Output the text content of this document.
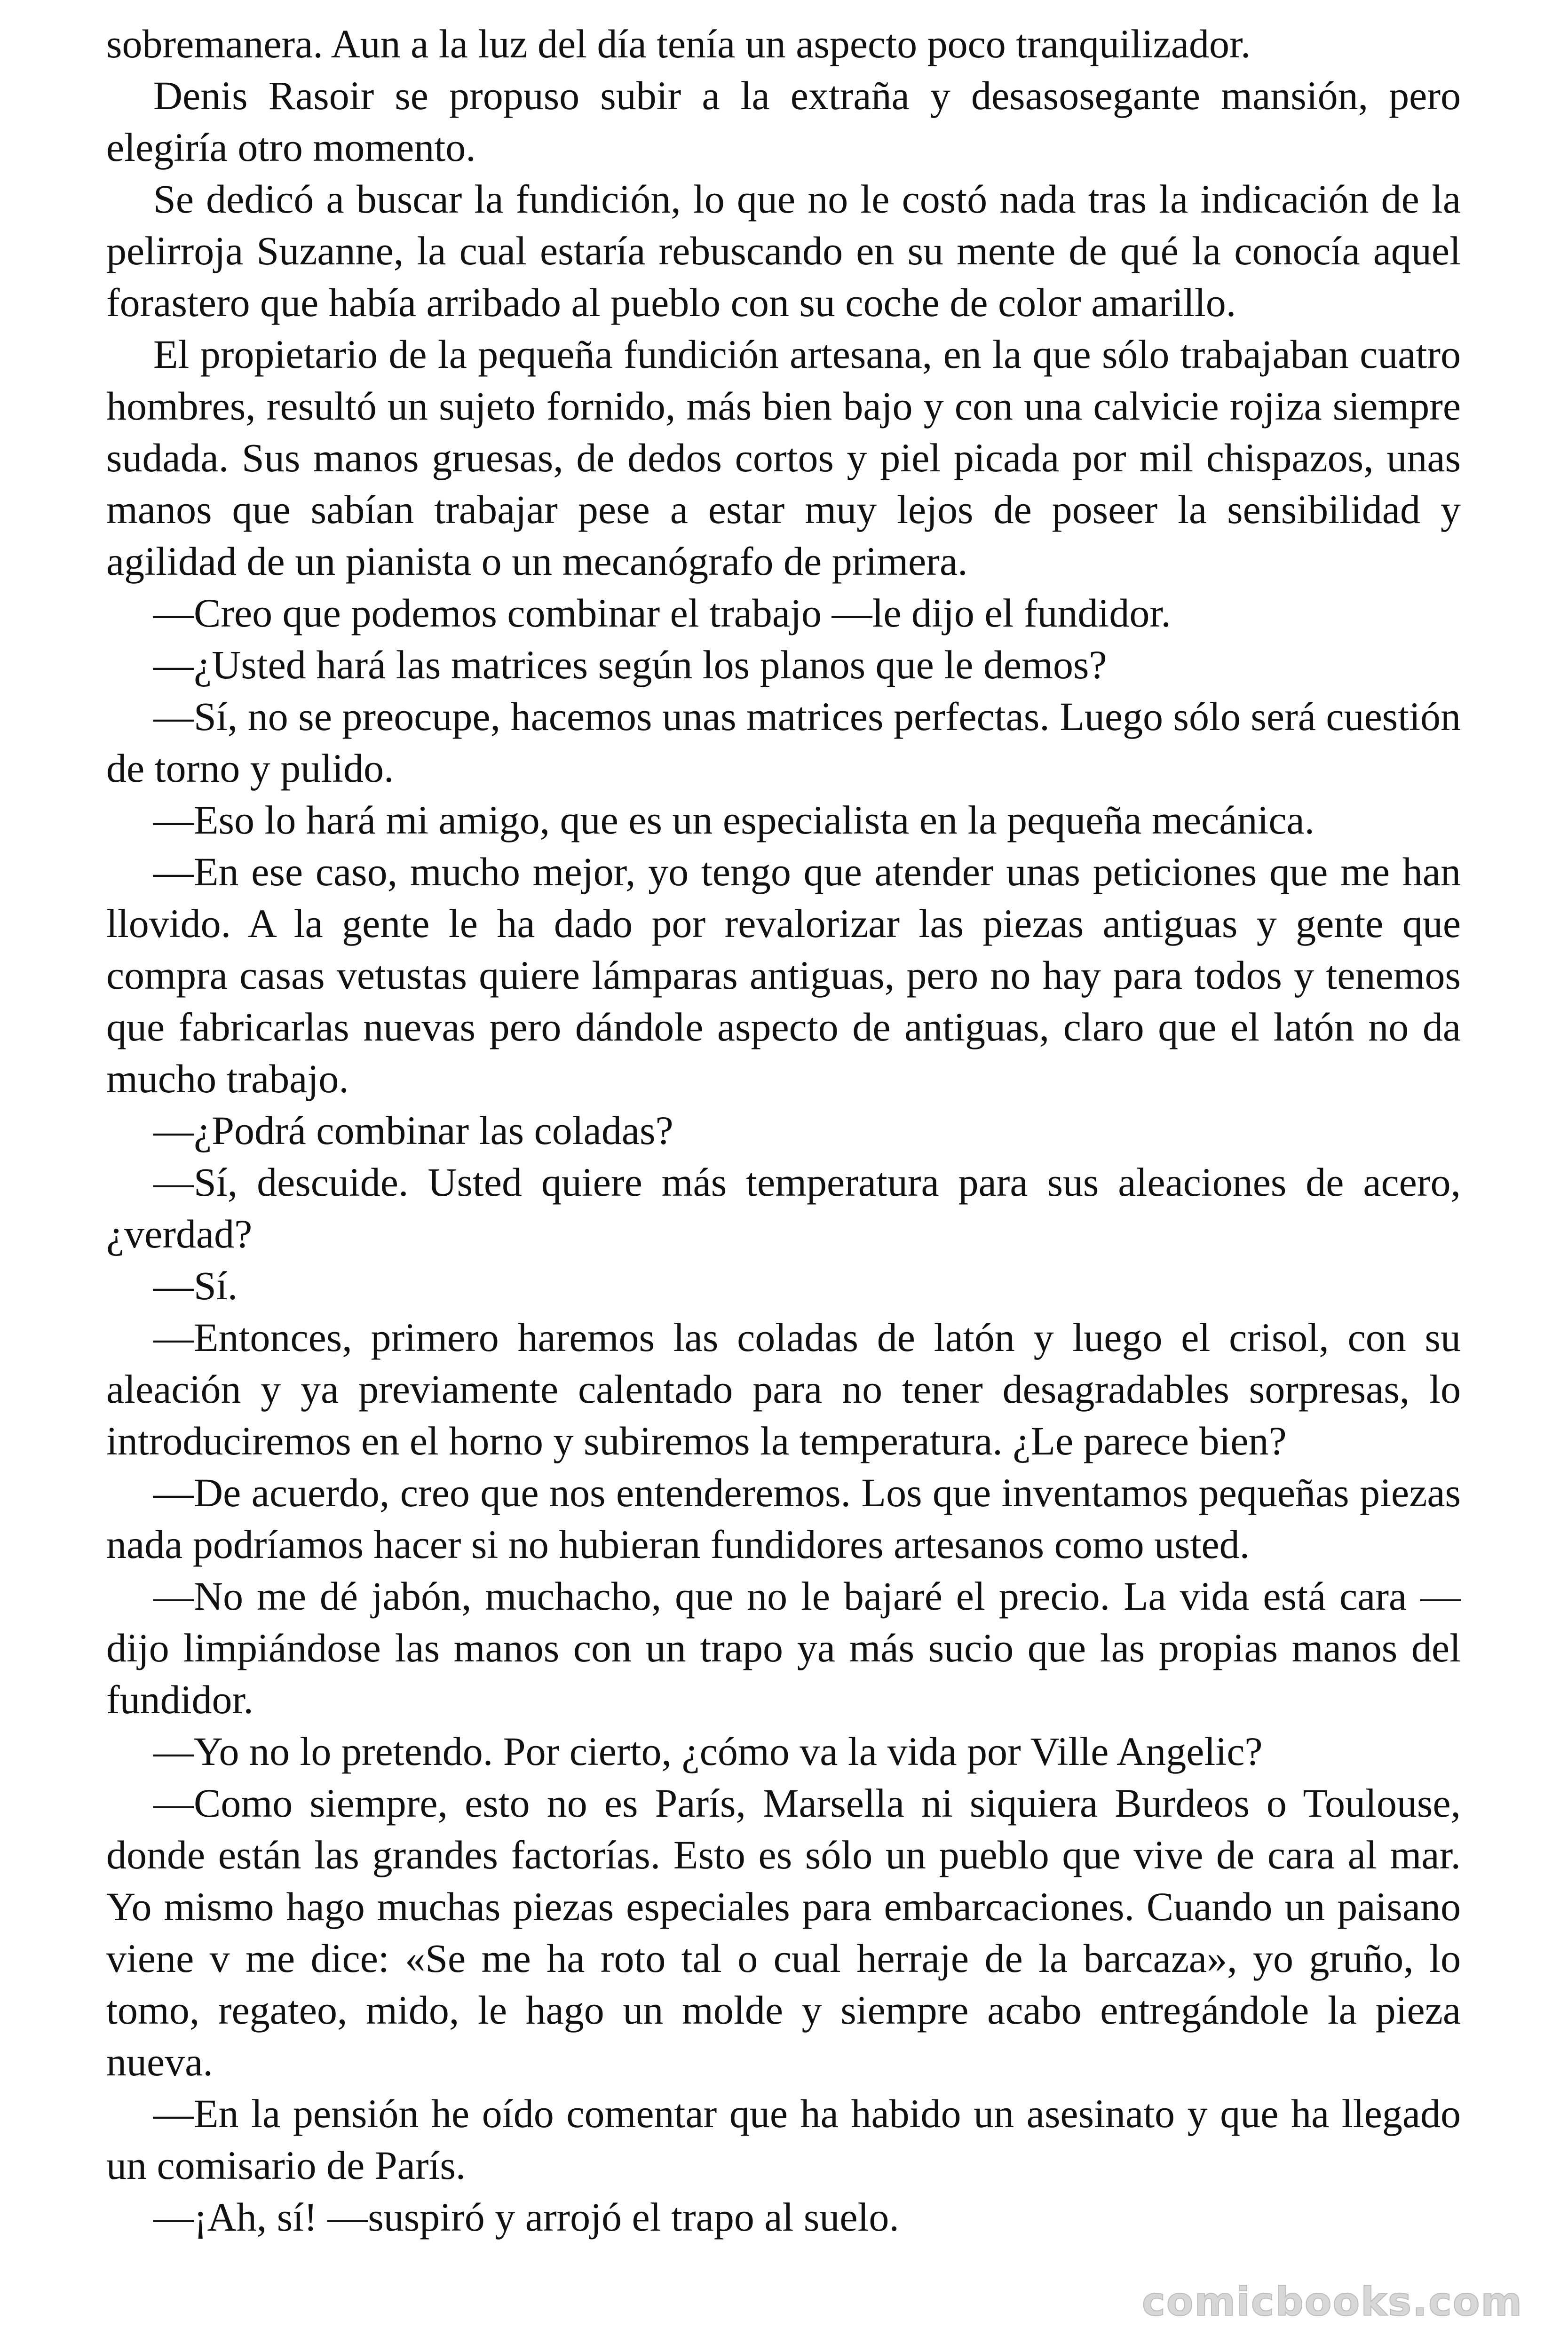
sobremanera. Aun a la luz del día tenía un aspecto poco tranquilizador.

Denis Rasoir se propuso subir a la extraña y desasosegante mansión, pero elegiría otro momento.

Se dedicó a buscar la fundición, lo que no le costó nada tras la indicación de la pelirroja Suzanne, la cual estaría rebuscando en su mente de qué la conocía aquel forastero que había arribado al pueblo con su coche de color amarillo.

El propietario de la pequeña fundición artesana, en la que sólo trabajaban cuatro hombres, resultó un sujeto fornido, más bien bajo y con una calvicie rojiza siempre sudada. Sus manos gruesas, de dedos cortos y piel picada por mil chispazos, unas manos que sabían trabajar pese a estar muy lejos de poseer la sensibilidad y agilidad de un pianista o un mecanógrafo de primera.

—Creo que podemos combinar el trabajo —le dijo el fundidor.

—¿Usted hará las matrices según los planos que le demos?

—Sí, no se preocupe, hacemos unas matrices perfectas. Luego sólo será cuestión de torno y pulido.

—Eso lo hará mi amigo, que es un especialista en la pequeña mecánica.

—En ese caso, mucho mejor, yo tengo que atender unas peticiones que me han llovido. A la gente le ha dado por revalorizar las piezas antiguas y gente que compra casas vetustas quiere lámparas antiguas, pero no hay para todos y tenemos que fabricarlas nuevas pero dándole aspecto de antiguas, claro que el latón no da mucho trabajo.

—¿Podrá combinar las coladas?

—Sí, descuide. Usted quiere más temperatura para sus aleaciones de acero, ¿verdad?

—Sí.

—Entonces, primero haremos las coladas de latón y luego el crisol, con su aleación y ya previamente calentado para no tener desagradables sorpresas, lo introduciremos en el horno y subiremos la temperatura. ¿Le parece bien?

—De acuerdo, creo que nos entenderemos. Los que inventamos pequeñas piezas nada podríamos hacer si no hubieran fundidores artesanos como usted.

—No me dé jabón, muchacho, que no le bajaré el precio. La vida está cara —dijo limpiándose las manos con un trapo ya más sucio que las propias manos del fundidor.

—Yo no lo pretendo. Por cierto, ¿cómo va la vida por Ville Angelic?

—Como siempre, esto no es París, Marsella ni siquiera Burdeos o Toulouse, donde están las grandes factorías. Esto es sólo un pueblo que vive de cara al mar. Yo mismo hago muchas piezas especiales para embarcaciones. Cuando un paisano viene v me dice: «Se me ha roto tal o cual herraje de la barcaza», yo gruño, lo tomo, regateo, mido, le hago un molde y siempre acabo entregándole la pieza nueva.

—En la pensión he oído comentar que ha habido un asesinato y que ha llegado un comisario de París.

—¡Ah, sí! —suspiró y arrojó el trapo al suelo.

comicbooks.com
